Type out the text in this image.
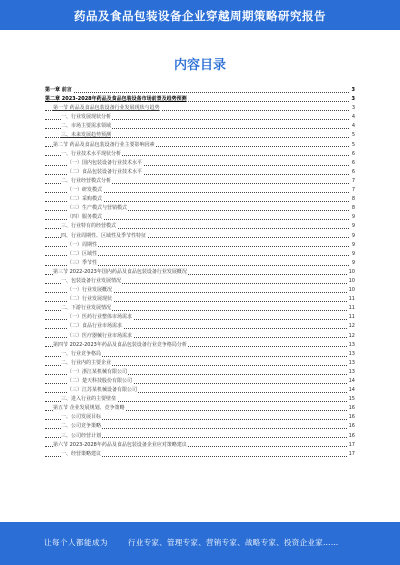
药品及食品包装设备企业穿越周期策略研究报告
内容目录
第一章 前言	3
第二章 2023-2028年药品及食品包装设备市场前景及趋势预测	3
第一节 药品及食品包装设备行业发展现状与趋势	3
一、行业发展现状分析	4
二、市场主要需求领域	4
三、未来发展趋势预测	5
第二节 药品及食品包装设备行业主要影响因素	5
一、行业技术水平现状分析	6
（一）国内包装设备行业技术水平	6
（二）食品包装设备行业技术水平	6
二、行业经营模式分析	7
（一）研发模式	7
（二）采购模式	8
（三）生产模式与营销模式	8
（四）服务模式	9
三、行业特有的经营模式	9
四、行业周期性、区域性及季节性特征	9
（一）周期性	9
（二）区域性	9
（三）季节性	9
第三节 2022-2023年国内药品及食品包装设备行业发展概况	10
一、包装设备行业发展情况	10
（一）行业发展概况	10
（二）行业发展现状	11
二、下游行业发展情况	11
（一）医药行业整体市场需求	11
（二）食品行业市场需求	12
（三）医疗器械行业市场需求	12
第四节 2022-2023年药品及食品包装设备行业竞争格局分析	13
一、行业竞争格局	13
二、行业内的主要企业	13
（一）浙江某机械有限公司	13
（二）楚天科技股份有限公司	14
（三）江苏某机械设备有限公司	14
三、进入行业的主要壁垒	15
第五节 企业发展规划、竞争策略	16
一、公司发展目标	16
二、公司竞争策略	16
三、公司经营计划	16
第六节 2023-2028年药品及食品包装设备企业应对策略建议	17
一、经营策略建议	17
让每个人都能成为	行业专家、管理专家、营销专家、战略专家、投资企业家……
